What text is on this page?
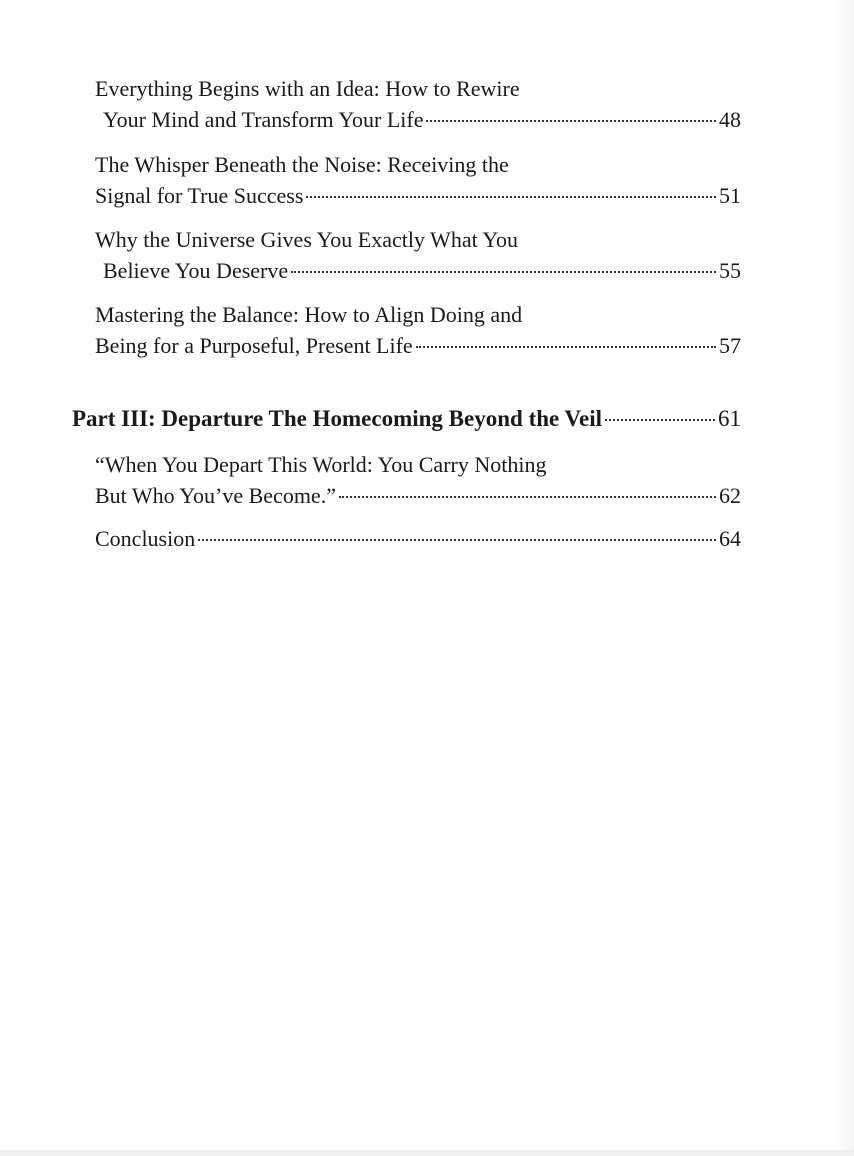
Everything Begins with an Idea: How to Rewire
Your Mind and Transform Your Life	48
The Whisper Beneath the Noise: Receiving the
Signal for True Success	51
Why the Universe Gives You Exactly What You
Believe You Deserve	55
Mastering the Balance: How to Align Doing and
Being for a Purposeful, Present Life	57
Part III: Departure The Homecoming Beyond the Veil	61
“When You Depart This World: You Carry Nothing
But Who You’ve Become.”	62
Conclusion	64
